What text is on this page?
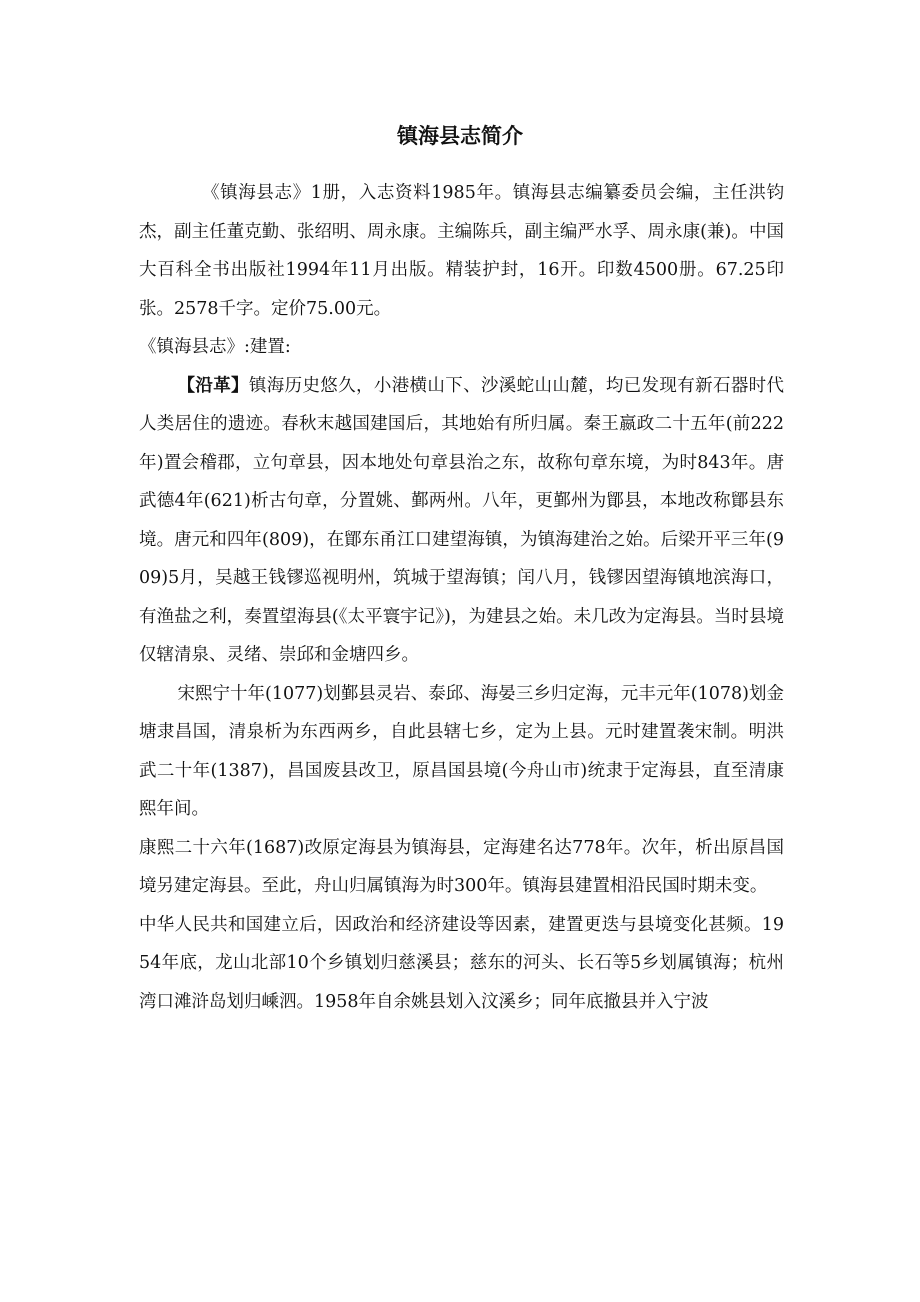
镇海县志简介

《镇海县志》1册，入志资料1985年。镇海县志编纂委员会编，主任洪钧杰，副主任董克勤、张绍明、周永康。主编陈兵，副主编严水孚、周永康(兼)。中国大百科全书出版社1994年11月出版。精装护封，16开。印数4500册。67.25印张。2578千字。定价75.00元。

《镇海县志》:建置:

【沿革】镇海历史悠久，小港横山下、沙溪蛇山山麓，均已发现有新石器时代人类居住的遗迹。春秋末越国建国后，其地始有所归属。秦王嬴政二十五年(前222年)置会稽郡，立句章县，因本地处句章县治之东，故称句章东境，为时843年。唐武德4年(621)析古句章，分置姚、鄞两州。八年，更鄞州为鄮县，本地改称鄮县东境。唐元和四年(809)，在鄮东甬江口建望海镇，为镇海建治之始。后梁开平三年(909)5月，吴越王钱镠巡视明州，筑城于望海镇；闰八月，钱镠因望海镇地滨海口，有渔盐之利，奏置望海县(《太平寰宇记》)，为建县之始。未几改为定海县。当时县境仅辖清泉、灵绪、崇邱和金塘四乡。

宋熙宁十年(1077)划鄞县灵岩、泰邱、海晏三乡归定海，元丰元年(1078)划金塘隶昌国，清泉析为东西两乡，自此县辖七乡，定为上县。元时建置袭宋制。明洪武二十年(1387)，昌国废县改卫，原昌国县境(今舟山市)统隶于定海县，直至清康熙年间。

康熙二十六年(1687)改原定海县为镇海县，定海建名达778年。次年，析出原昌国境另建定海县。至此，舟山归属镇海为时300年。镇海县建置相沿民国时期未变。

中华人民共和国建立后，因政治和经济建设等因素，建置更迭与县境变化甚频。1954年底，龙山北部10个乡镇划归慈溪县；慈东的河头、长石等5乡划属镇海；杭州湾口滩浒岛划归嵊泗。1958年自余姚县划入汶溪乡；同年底撤县并入宁波
